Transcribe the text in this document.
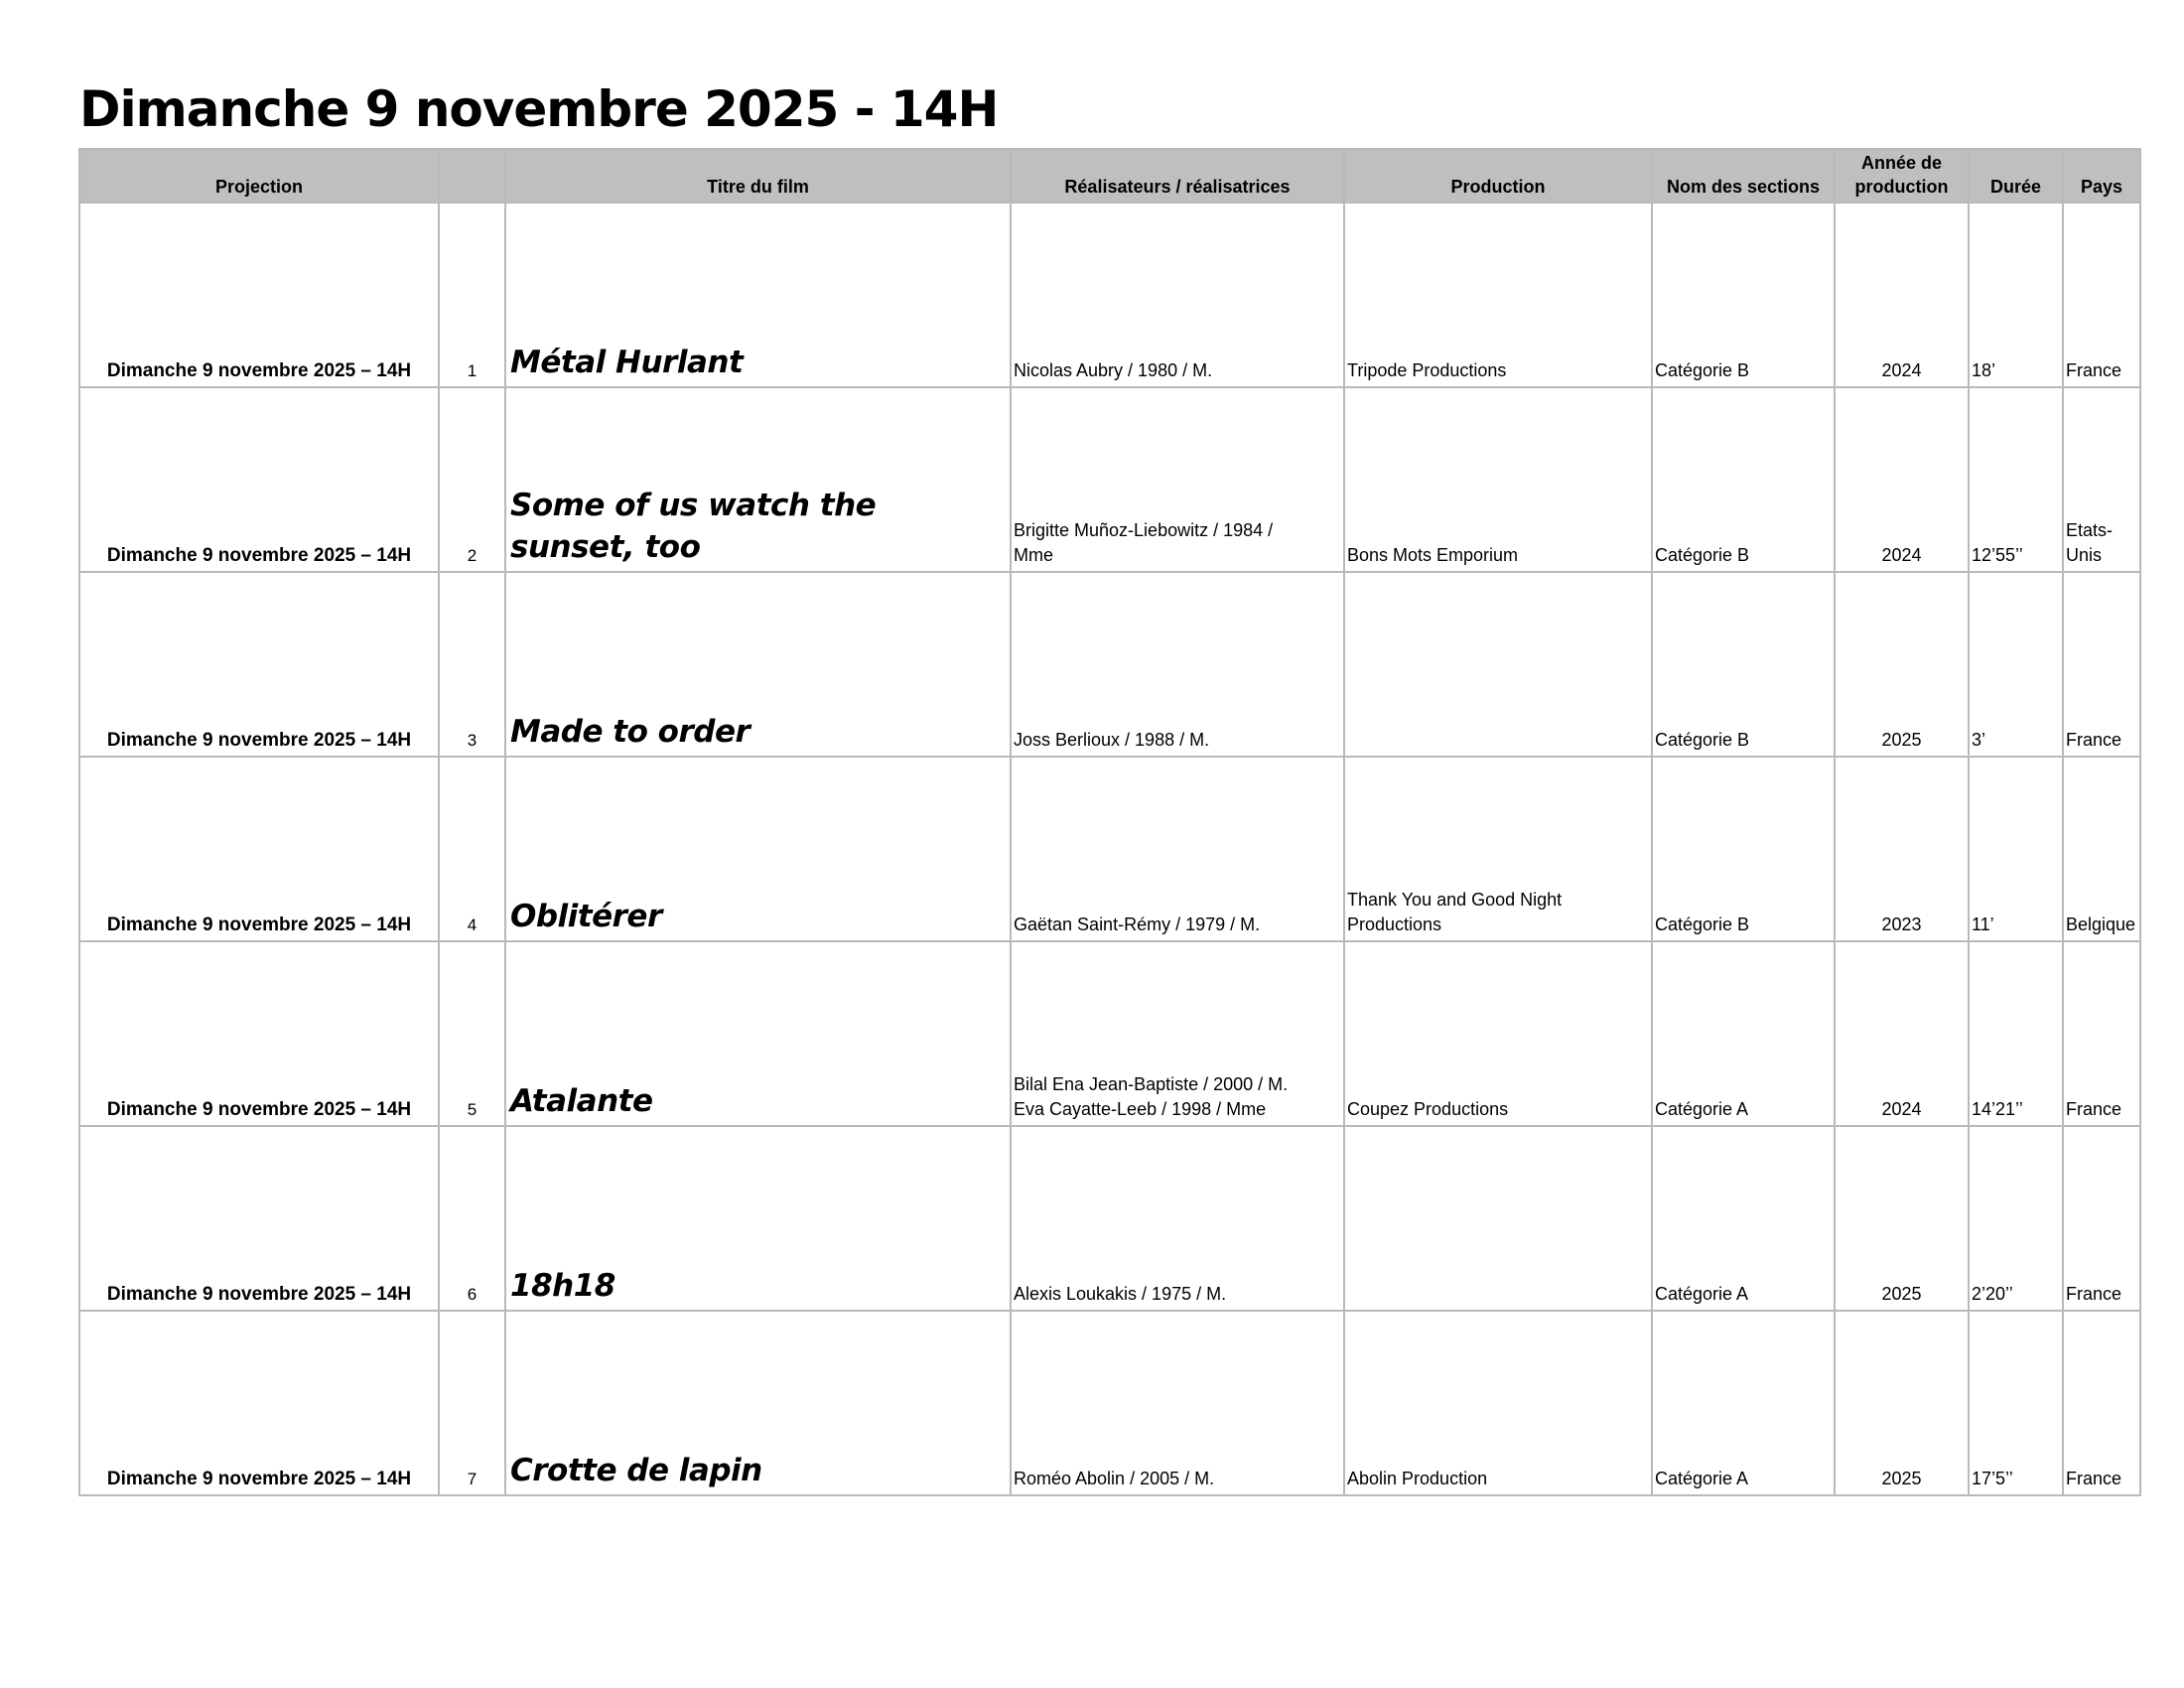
Dimanche 9 novembre 2025 - 14H
Projection		Titre du film	Réalisateurs / réalisatrices	Production	Nom des sections	Année de
production	Durée	Pays
Dimanche 9 novembre 2025 – 14H	1	Métal Hurlant	Nicolas Aubry / 1980 / M.	Tripode Productions	Catégorie B	2024	18’	France
Dimanche 9 novembre 2025 – 14H	2	Some of us watch the sunset, too	Brigitte Muñoz-Liebowitz / 1984 /
Mme	Bons Mots Emporium	Catégorie B	2024	12’55’’	Etats-Unis
Dimanche 9 novembre 2025 – 14H	3	Made to order	Joss Berlioux / 1988 / M.		Catégorie B	2025	3’	France
Dimanche 9 novembre 2025 – 14H	4	Oblitérer	Gaëtan Saint-Rémy / 1979 / M.	Thank You and Good Night Productions	Catégorie B	2023	11’	Belgique
Dimanche 9 novembre 2025 – 14H	5	Atalante	Bilal Ena Jean-Baptiste / 2000 / M.
Eva Cayatte-Leeb / 1998 / Mme	Coupez Productions	Catégorie A	2024	14’21’’	France
Dimanche 9 novembre 2025 – 14H	6	18h18	Alexis Loukakis / 1975 / M.		Catégorie A	2025	2’20’’	France
Dimanche 9 novembre 2025 – 14H	7	Crotte de lapin	Roméo Abolin / 2005 / M.	Abolin Production	Catégorie A	2025	17’5’’	France
